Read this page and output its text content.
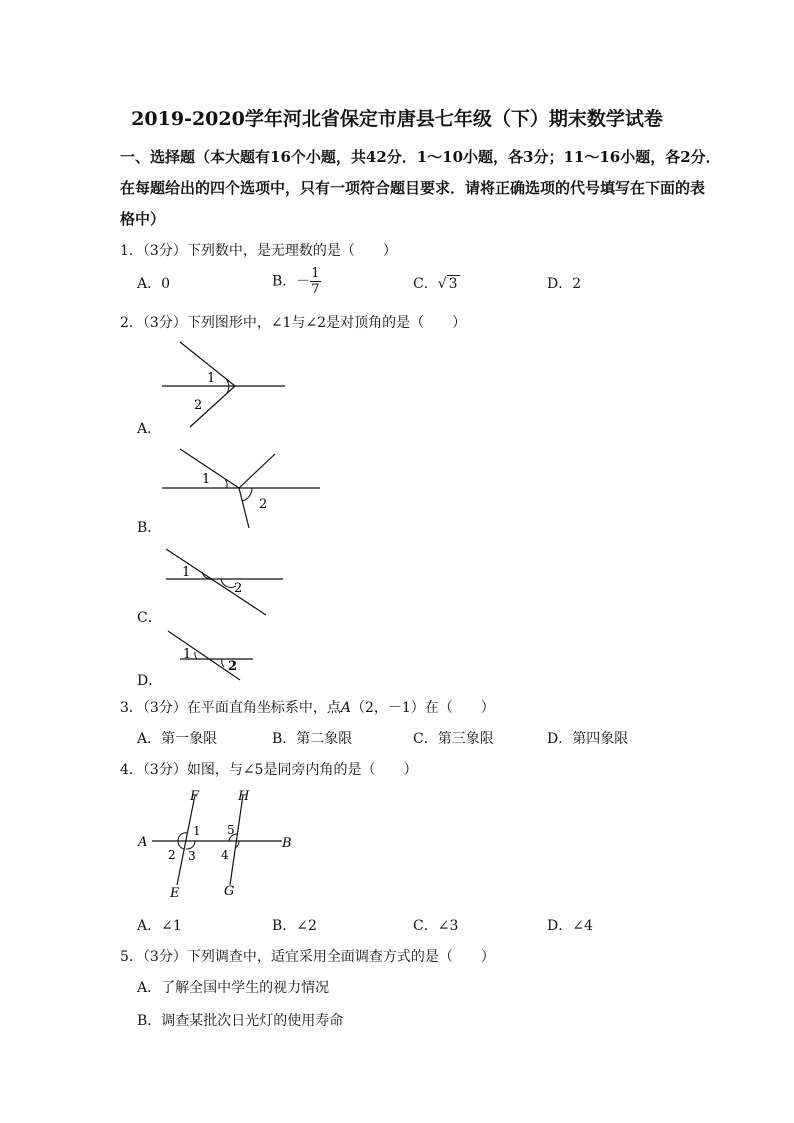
2019-2020学年河北省保定市唐县七年级（下）期末数学试卷
一、选择题（本大题有16个小题，共42分．1～10小题，各3分；11～16小题，各2分．
在每题给出的四个选项中，只有一项符合题目要求．请将正确选项的代号填写在下面的表
格中）
1．（3分）下列数中，是无理数的是（　　）
A．0	B．－ $\frac{1}{7}$	C．√ 3	D．2
2．（3分）下列图形中，∠1与∠2是对顶角的是（　　）
1
2
A．
1
2
B．
1
2
C．
1
2
D．
3．（3分）在平面直角坐标系中，点A（2，－1）在（　　）
A．第一象限	B．第二象限	C．第三象限	D．第四象限
4．（3分）如图，与∠5是同旁内角的是（　　）
F	H
A	B
E	G
1
2 3 4
5
A．∠1	B．∠2	C．∠3	D．∠4
5．（3分）下列调查中，适宜采用全面调查方式的是（　　）
A．了解全国中学生的视力情况
B．调查某批次日光灯的使用寿命
